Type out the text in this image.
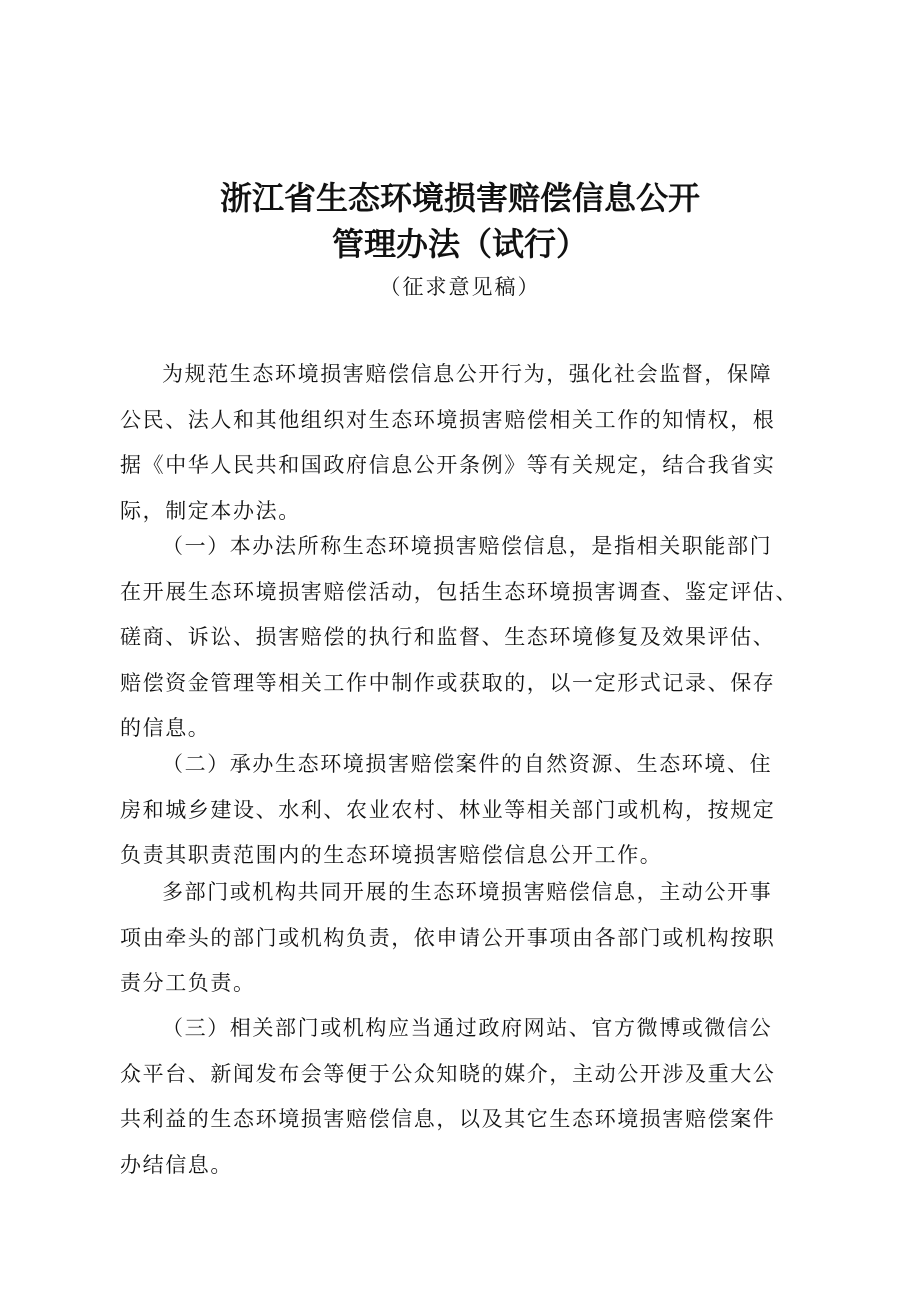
浙江省生态环境损害赔偿信息公开
管理办法（试行）
（征求意见稿）

为规范生态环境损害赔偿信息公开行为，强化社会监督，保障
公民、法人和其他组织对生态环境损害赔偿相关工作的知情权，根
据《中华人民共和国政府信息公开条例》等有关规定，结合我省实
际，制定本办法。

（一）本办法所称生态环境损害赔偿信息，是指相关职能部门
在开展生态环境损害赔偿活动，包括生态环境损害调查、鉴定评估、
磋商、诉讼、损害赔偿的执行和监督、生态环境修复及效果评估、
赔偿资金管理等相关工作中制作或获取的，以一定形式记录、保存
的信息。

（二）承办生态环境损害赔偿案件的自然资源、生态环境、住
房和城乡建设、水利、农业农村、林业等相关部门或机构，按规定
负责其职责范围内的生态环境损害赔偿信息公开工作。

多部门或机构共同开展的生态环境损害赔偿信息，主动公开事
项由牵头的部门或机构负责，依申请公开事项由各部门或机构按职
责分工负责。

（三）相关部门或机构应当通过政府网站、官方微博或微信公
众平台、新闻发布会等便于公众知晓的媒介，主动公开涉及重大公
共利益的生态环境损害赔偿信息，以及其它生态环境损害赔偿案件
办结信息。
